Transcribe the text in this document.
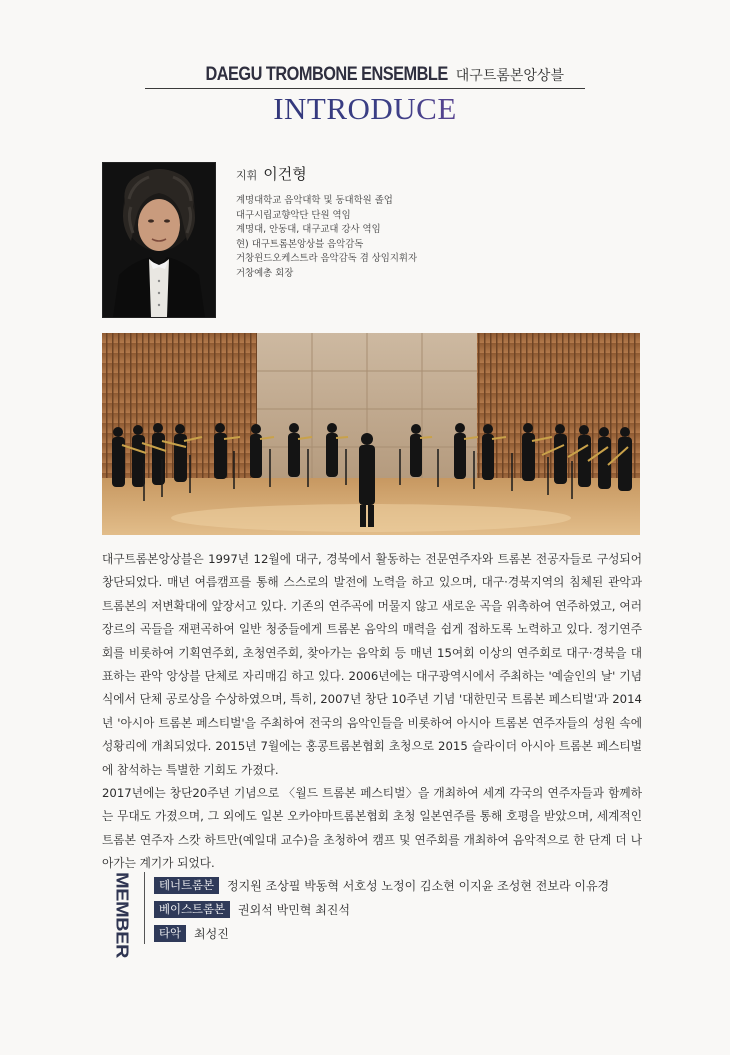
DAEGU TROMBONE ENSEMBLE 대구트롬본앙상블
INTRODUCE
지휘 이건형
계명대학교 음악대학 및 동대학원 졸업
대구시립교향악단 단원 역임
계명대, 안동대, 대구교대 강사 역임
현) 대구트롬본앙상블 음악감독
거창윈드오케스트라 음악감독 겸 상임지휘자
거창예총 회장

대구트롬본앙상블은 1997년 12월에 대구, 경북에서 활동하는 전문연주자와 트롬본 전공자들로 구성되어 창단되었다. 매년 여름캠프를 통해 스스로의 발전에 노력을 하고 있으며, 대구·경북지역의 침체된 관악과 트롬본의 저변확대에 앞장서고 있다. 기존의 연주곡에 머물지 않고 새로운 곡을 위촉하여 연주하였고, 여러 장르의 곡들을 재편곡하여 일반 청중들에게 트롬본 음악의 매력을 쉽게 접하도록 노력하고 있다. 정기연주회를 비롯하여 기획연주회, 초청연주회, 찾아가는 음악회 등 매년 15여회 이상의 연주회로 대구·경북을 대표하는 관악 앙상블 단체로 자리매김 하고 있다. 2006년에는 대구광역시에서 주최하는 '예술인의 날' 기념식에서 단체 공로상을 수상하였으며, 특히, 2007년 창단 10주년 기념 '대한민국 트롬본 페스티벌'과 2014년 '아시아 트롬본 페스티벌'을 주최하여 전국의 음악인들을 비롯하여 아시아 트롬본 연주자들의 성원 속에 성황리에 개최되었다. 2015년 7월에는 홍콩트롬본협회 초청으로 2015 슬라이더 아시아 트롬본 페스티벌에 참석하는 특별한 기회도 가졌다.

2017년에는 창단20주년 기념으로 〈월드 트롬본 페스티벌〉을 개최하여 세계 각국의 연주자들과 함께하는 무대도 가졌으며, 그 외에도 일본 오카야마트롬본협회 초청 일본연주를 통해 호평을 받았으며, 세계적인 트롬본 연주자 스캇 하트만(예일대 교수)을 초청하여 캠프 및 연주회를 개최하여 음악적으로 한 단계 더 나아가는 계기가 되었다.

MEMBER	테너트롬본	정지원 조상필 박동혁 서호성 노정이 김소현 이지윤 조성현 전보라 이유경
베이스트롬본	권외석 박민혁 최진석
타악	최성진
